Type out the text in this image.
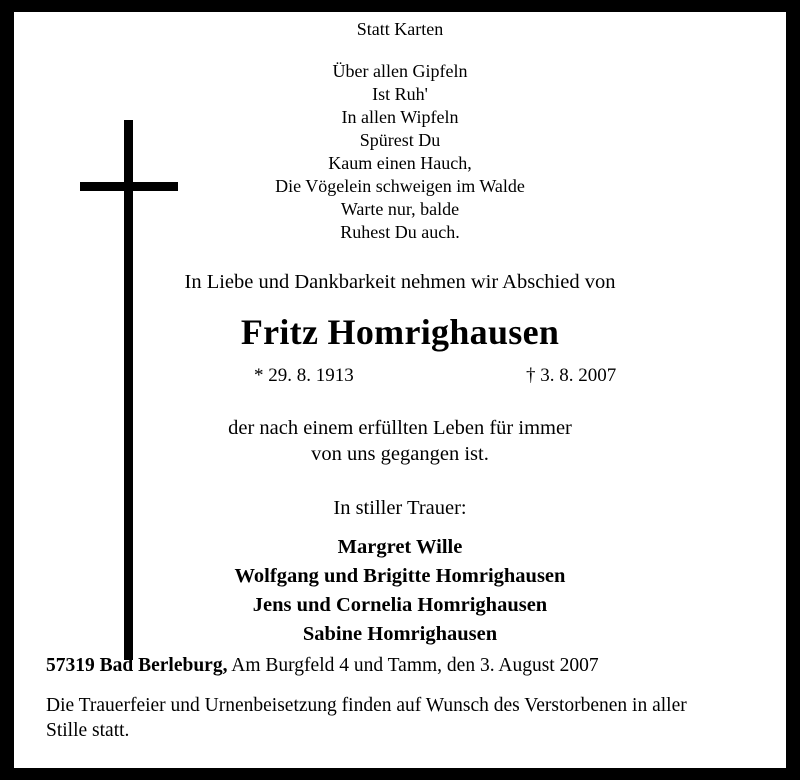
Statt Karten
Über allen Gipfeln
Ist Ruh'
In allen Wipfeln
Spürest Du
Kaum einen Hauch,
Die Vögelein schweigen im Walde
Warte nur, balde
Ruhest Du auch.
In Liebe und Dankbarkeit nehmen wir Abschied von
Fritz Homrighausen
* 29. 8. 1913	† 3. 8. 2007
der nach einem erfüllten Leben für immer
von uns gegangen ist.
In stiller Trauer:
Margret Wille
Wolfgang und Brigitte Homrighausen
Jens und Cornelia Homrighausen
Sabine Homrighausen
57319 Bad Berleburg, Am Burgfeld 4 und Tamm, den 3. August 2007
Die Trauerfeier und Urnenbeisetzung finden auf Wunsch des Verstorbenen in aller
Stille statt.
